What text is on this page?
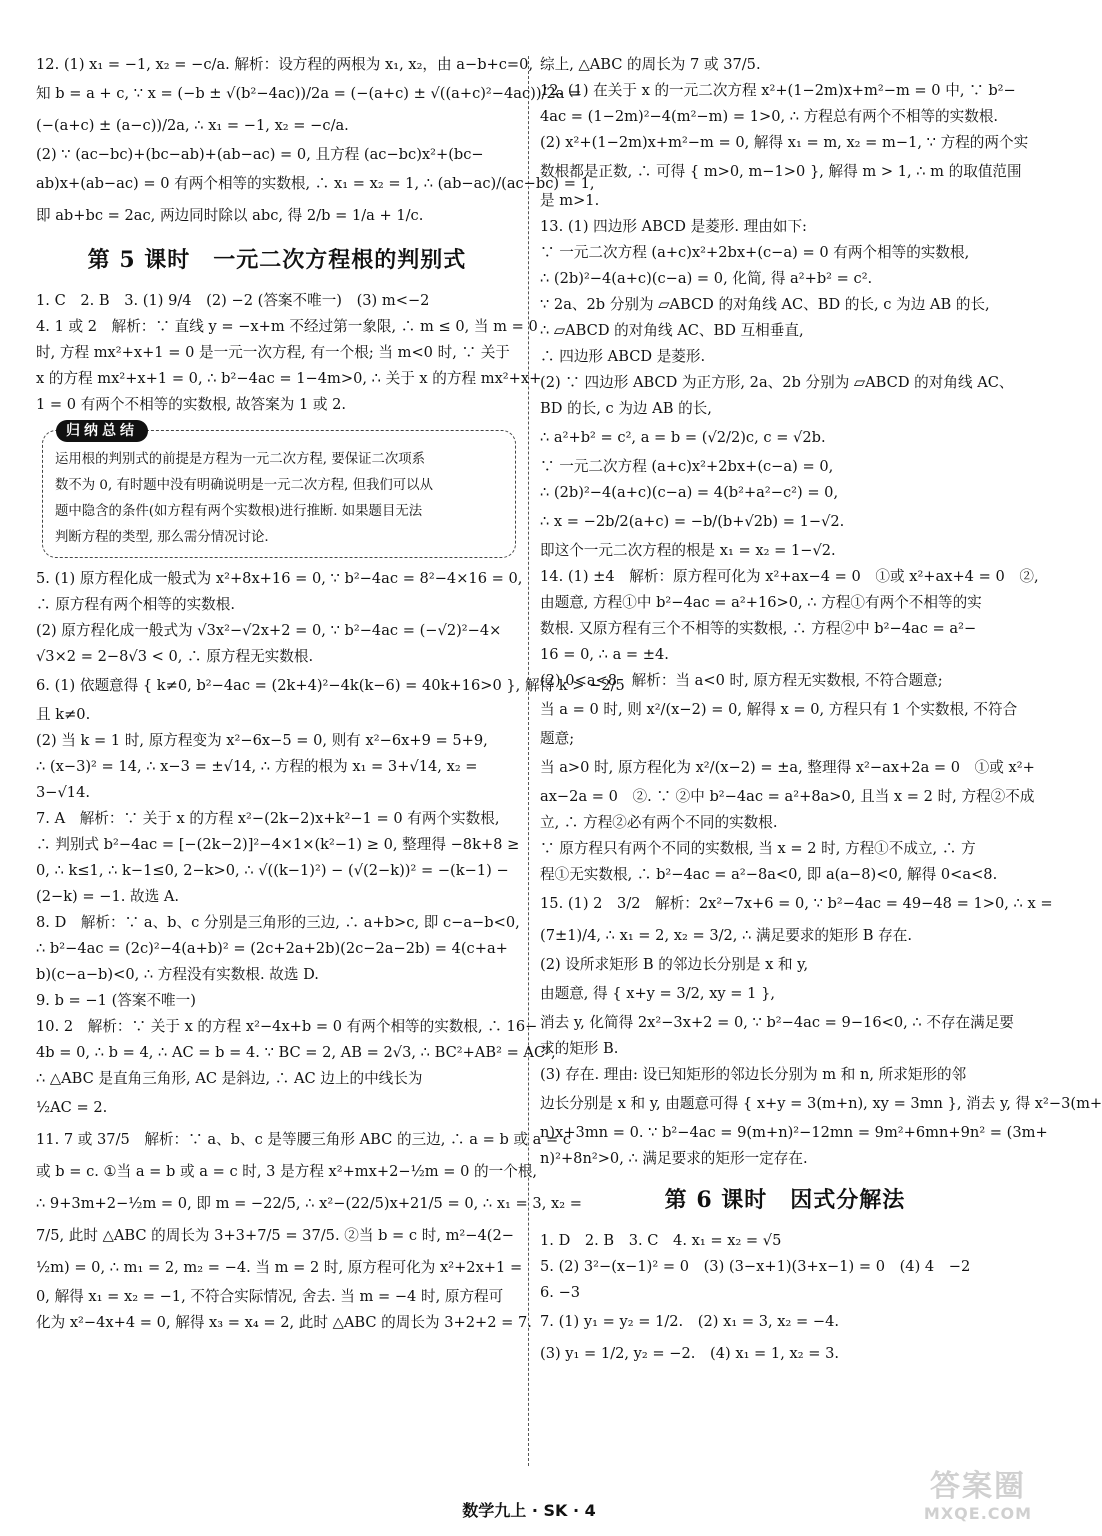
12. (1) x₁ = −1, x₂ = −c/a. 解析：设方程的两根为 x₁, x₂，由 a−b+c=0,
知 b = a + c, ∵ x = (−b ± √(b²−4ac))/2a = (−(a+c) ± √((a+c)²−4ac))/2a =
(−(a+c) ± (a−c))/2a, ∴ x₁ = −1, x₂ = −c/a.
(2) ∵ (ac−bc)+(bc−ab)+(ab−ac) = 0, 且方程 (ac−bc)x²+(bc−
ab)x+(ab−ac) = 0 有两个相等的实数根, ∴ x₁ = x₂ = 1, ∴ (ab−ac)/(ac−bc) = 1,
即 ab+bc = 2ac, 两边同时除以 abc, 得 2/b = 1/a + 1/c.
第 5 课时　一元二次方程根的判别式
1. C　2. B　3. (1) 9/4　(2) −2 (答案不唯一)　(3) m<−2
4. 1 或 2　解析：∵ 直线 y = −x+m 不经过第一象限, ∴ m ≤ 0, 当 m = 0
时, 方程 mx²+x+1 = 0 是一元一次方程, 有一个根; 当 m<0 时, ∵ 关于
x 的方程 mx²+x+1 = 0, ∴ b²−4ac = 1−4m>0, ∴ 关于 x 的方程 mx²+x+
1 = 0 有两个不相等的实数根, 故答案为 1 或 2.
归纳总结
运用根的判别式的前提是方程为一元二次方程, 要保证二次项系
数不为 0, 有时题中没有明确说明是一元二次方程, 但我们可以从
题中隐含的条件(如方程有两个实数根)进行推断. 如果题目无法
判断方程的类型, 那么需分情况讨论.
5. (1) 原方程化成一般式为 x²+8x+16 = 0, ∵ b²−4ac = 8²−4×16 = 0,
∴ 原方程有两个相等的实数根.
(2) 原方程化成一般式为 √3x²−√2x+2 = 0, ∵ b²−4ac = (−√2)²−4×
√3×2 = 2−8√3 < 0, ∴ 原方程无实数根.
6. (1) 依题意得 { k≠0, b²−4ac = (2k+4)²−4k(k−6) = 40k+16>0 }, 解得 k > −2/5
且 k≠0.
(2) 当 k = 1 时, 原方程变为 x²−6x−5 = 0, 则有 x²−6x+9 = 5+9,
∴ (x−3)² = 14, ∴ x−3 = ±√14, ∴ 方程的根为 x₁ = 3+√14, x₂ =
3−√14.
7. A　解析：∵ 关于 x 的方程 x²−(2k−2)x+k²−1 = 0 有两个实数根,
∴ 判别式 b²−4ac = [−(2k−2)]²−4×1×(k²−1) ≥ 0, 整理得 −8k+8 ≥
0, ∴ k≤1, ∴ k−1≤0, 2−k>0, ∴ √((k−1)²) − (√(2−k))² = −(k−1) −
(2−k) = −1. 故选 A.
8. D　解析：∵ a、b、c 分别是三角形的三边, ∴ a+b>c, 即 c−a−b<0,
∴ b²−4ac = (2c)²−4(a+b)² = (2c+2a+2b)(2c−2a−2b) = 4(c+a+
b)(c−a−b)<0, ∴ 方程没有实数根. 故选 D.
9. b = −1 (答案不唯一)
10. 2　解析：∵ 关于 x 的方程 x²−4x+b = 0 有两个相等的实数根, ∴ 16−
4b = 0, ∴ b = 4, ∴ AC = b = 4. ∵ BC = 2, AB = 2√3, ∴ BC²+AB² = AC²,
∴ △ABC 是直角三角形, AC 是斜边, ∴ AC 边上的中线长为
½AC = 2.
11. 7 或 37/5　解析：∵ a、b、c 是等腰三角形 ABC 的三边, ∴ a = b 或 a = c
或 b = c. ①当 a = b 或 a = c 时, 3 是方程 x²+mx+2−½m = 0 的一个根,
∴ 9+3m+2−½m = 0, 即 m = −22/5, ∴ x²−(22/5)x+21/5 = 0, ∴ x₁ = 3, x₂ =
7/5, 此时 △ABC 的周长为 3+3+7/5 = 37/5. ②当 b = c 时, m²−4(2−
½m) = 0, ∴ m₁ = 2, m₂ = −4. 当 m = 2 时, 原方程可化为 x²+2x+1 =
0, 解得 x₁ = x₂ = −1, 不符合实际情况, 舍去. 当 m = −4 时, 原方程可
化为 x²−4x+4 = 0, 解得 x₃ = x₄ = 2, 此时 △ABC 的周长为 3+2+2 = 7.
综上, △ABC 的周长为 7 或 37/5.
12. (1) 在关于 x 的一元二次方程 x²+(1−2m)x+m²−m = 0 中, ∵ b²−
4ac = (1−2m)²−4(m²−m) = 1>0, ∴ 方程总有两个不相等的实数根.
(2) x²+(1−2m)x+m²−m = 0, 解得 x₁ = m, x₂ = m−1, ∵ 方程的两个实
数根都是正数, ∴ 可得 { m>0, m−1>0 }, 解得 m > 1, ∴ m 的取值范围
是 m>1.
13. (1) 四边形 ABCD 是菱形. 理由如下:
∵ 一元二次方程 (a+c)x²+2bx+(c−a) = 0 有两个相等的实数根,
∴ (2b)²−4(a+c)(c−a) = 0, 化简, 得 a²+b² = c².
∵ 2a、2b 分别为 ▱ABCD 的对角线 AC、BD 的长, c 为边 AB 的长,
∴ ▱ABCD 的对角线 AC、BD 互相垂直,
∴ 四边形 ABCD 是菱形.
(2) ∵ 四边形 ABCD 为正方形, 2a、2b 分别为 ▱ABCD 的对角线 AC、
BD 的长, c 为边 AB 的长,
∴ a²+b² = c², a = b = (√2/2)c, c = √2b.
∵ 一元二次方程 (a+c)x²+2bx+(c−a) = 0,
∴ (2b)²−4(a+c)(c−a) = 4(b²+a²−c²) = 0,
∴ x = −2b/2(a+c) = −b/(b+√2b) = 1−√2.
即这个一元二次方程的根是 x₁ = x₂ = 1−√2.
14. (1) ±4　解析：原方程可化为 x²+ax−4 = 0　①或 x²+ax+4 = 0　②,
由题意, 方程①中 b²−4ac = a²+16>0, ∴ 方程①有两个不相等的实
数根. 又原方程有三个不相等的实数根, ∴ 方程②中 b²−4ac = a²−
16 = 0, ∴ a = ±4.
(2) 0<a<8　解析：当 a<0 时, 原方程无实数根, 不符合题意;
当 a = 0 时, 则 x²/(x−2) = 0, 解得 x = 0, 方程只有 1 个实数根, 不符合
题意;
当 a>0 时, 原方程化为 x²/(x−2) = ±a, 整理得 x²−ax+2a = 0　①或 x²+
ax−2a = 0　②. ∵ ②中 b²−4ac = a²+8a>0, 且当 x = 2 时, 方程②不成
立, ∴ 方程②必有两个不同的实数根.
∵ 原方程只有两个不同的实数根, 当 x = 2 时, 方程①不成立, ∴ 方
程①无实数根, ∴ b²−4ac = a²−8a<0, 即 a(a−8)<0, 解得 0<a<8.
15. (1) 2　3/2　解析：2x²−7x+6 = 0, ∵ b²−4ac = 49−48 = 1>0, ∴ x =
(7±1)/4, ∴ x₁ = 2, x₂ = 3/2, ∴ 满足要求的矩形 B 存在.
(2) 设所求矩形 B 的邻边长分别是 x 和 y,
由题意, 得 { x+y = 3/2, xy = 1 },
消去 y, 化简得 2x²−3x+2 = 0, ∵ b²−4ac = 9−16<0, ∴ 不存在满足要
求的矩形 B.
(3) 存在. 理由: 设已知矩形的邻边长分别为 m 和 n, 所求矩形的邻
边长分别是 x 和 y, 由题意可得 { x+y = 3(m+n), xy = 3mn }, 消去 y, 得 x²−3(m+
n)x+3mn = 0. ∵ b²−4ac = 9(m+n)²−12mn = 9m²+6mn+9n² = (3m+
n)²+8n²>0, ∴ 满足要求的矩形一定存在.
第 6 课时　因式分解法
1. D　2. B　3. C　4. x₁ = x₂ = √5
5. (2) 3²−(x−1)² = 0　(3) (3−x+1)(3+x−1) = 0　(4) 4　−2
6. −3
7. (1) y₁ = y₂ = 1/2.　(2) x₁ = 3, x₂ = −4.
(3) y₁ = 1/2, y₂ = −2.　(4) x₁ = 1, x₂ = 3.
数学九上 · SK · 4
答案圈
MXQE.COM
